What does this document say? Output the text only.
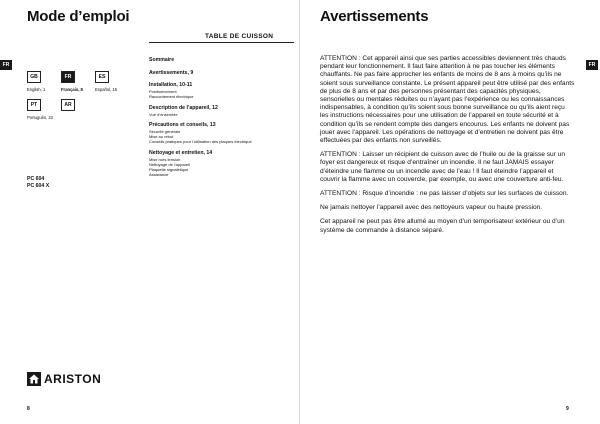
Mode d’emploi
TABLE DE CUISSON
FR
GB	FR	ES
English, 1	Français, 8	Español, 15
PT	AR
Português, 22
PC 604
PC 604 X
Sommaire
Avertissements, 9
Installation, 10-11
Positionnement
Raccordement électrique
Description de l’appareil, 12
Vue d’ensemble
Précautions et conseils, 13
Sécurité générale
Mise au rebut
Conseils pratiques pour l’utilisation des plaques électrique
Nettoyage et entretien, 14
Mise hors tension
Nettoyage de l’appareil
Plaquette signalétique
Assistance
ARISTON
8
Avertissements
FR

ATTENTION : Cet appareil ainsi que ses parties accessibles deviennent très chauds pendant leur fonctionnement. Il faut faire attention à ne pas toucher les éléments chauffants. Ne pas faire approcher les enfants de moins de 8 ans à moins qu’ils ne soient sous surveillance constante. Le présent appareil peut être utilisé par des enfants de plus de 8 ans et par des personnes présentant des capacités physiques, sensorielles ou mentales réduites ou n’ayant pas l’expérience ou les connaissances indispensables, à condition qu’ils soient sous bonne surveillance ou qu’ils aient reçu les instructions nécessaires pour une utilisation de l’appareil en toute sécurité et à condition qu’ils se rendent compte des dangers encourus. Les enfants ne doivent pas jouer avec l’appareil. Les opérations de nettoyage et d’entretien ne doivent pas être effectuées par des enfants non surveillés.

ATTENTION : Laisser un récipient de cuisson avec de l’huile ou de la graisse sur un foyer est dangereux et risque d’entraîner un incendie. Il ne faut JAMAIS essayer d’éteindre une flamme ou un incendie avec de l’eau ! Il faut éteindre l’appareil et couvrir la flamme avec un couvercle, par exemple, ou avec une couverture anti-feu.

ATTENTION : Risque d’incendie : ne pas laisser d’objets sur les surfaces de cuisson.

Ne jamais nettoyer l’appareil avec des nettoyeurs vapeur ou haute pression.

Cet appareil ne peut pas être allumé au moyen d’un temporisateur extérieur ou d’un système de commande à distance séparé.

9
